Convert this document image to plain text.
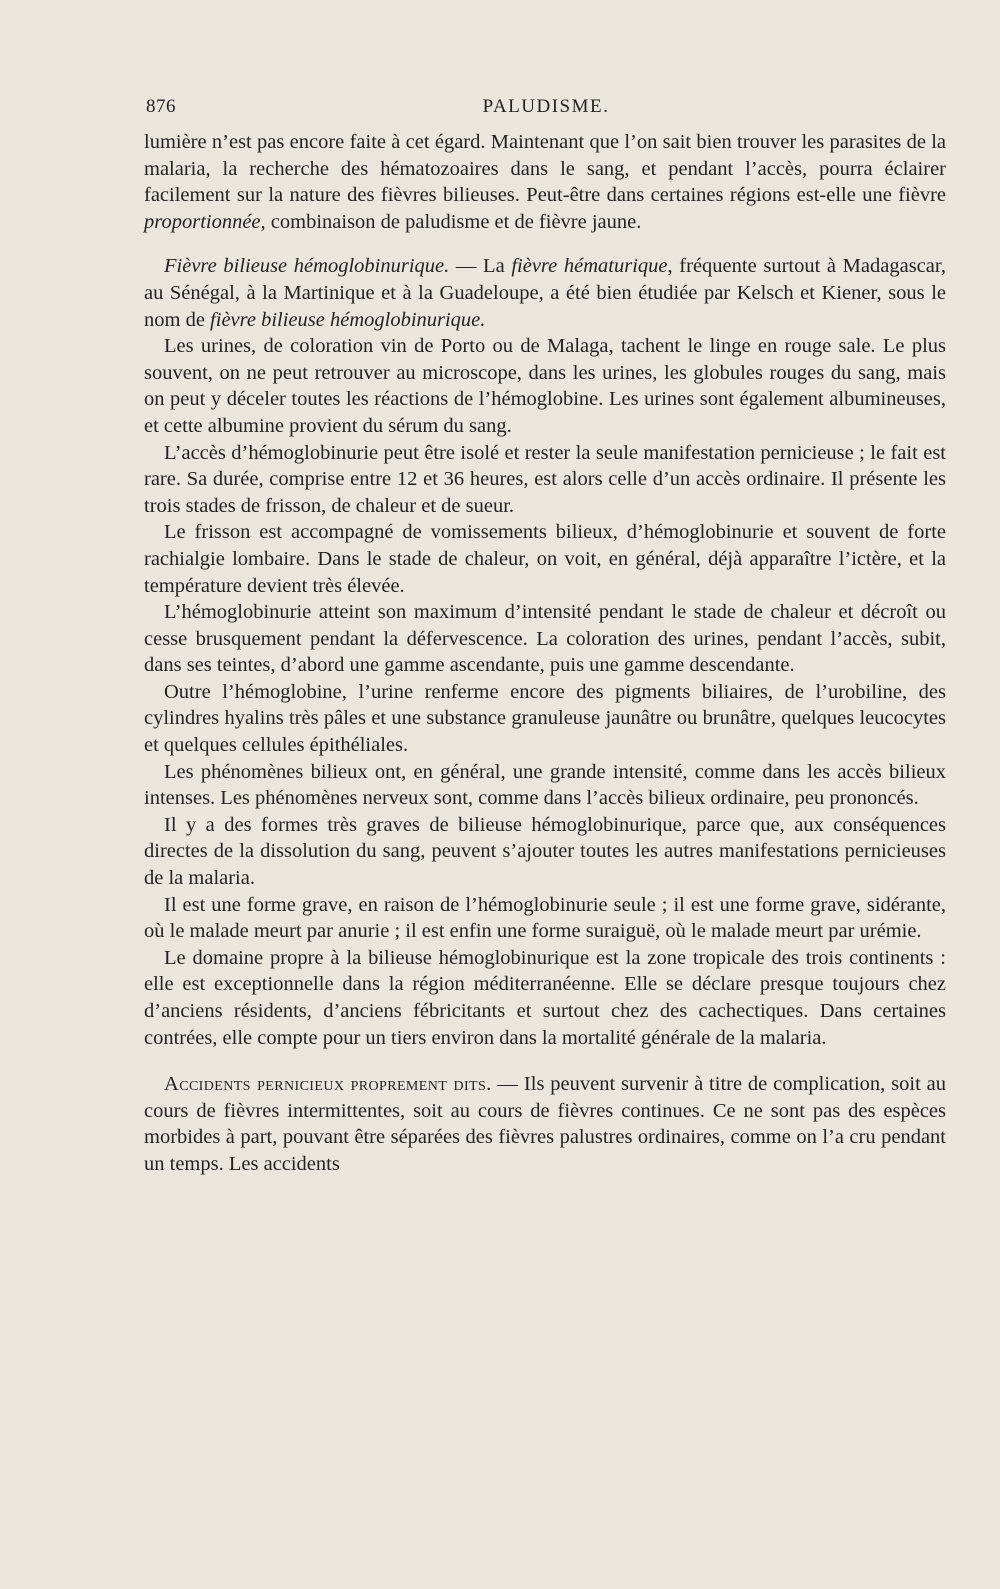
876	PALUDISME.

lumière n’est pas encore faite à cet égard. Maintenant que l’on sait bien trouver les parasites de la malaria, la recherche des hématozoaires dans le sang, et pendant l’accès, pourra éclairer facilement sur la nature des fièvres bilieuses. Peut-être dans certaines régions est-elle une fièvre proportionnée, combinaison de paludisme et de fièvre jaune.

Fièvre bilieuse hémoglobinurique. — La fièvre hématurique, fréquente surtout à Madagascar, au Sénégal, à la Martinique et à la Guadeloupe, a été bien étudiée par Kelsch et Kiener, sous le nom de fièvre bilieuse hémoglobinurique.

Les urines, de coloration vin de Porto ou de Malaga, tachent le linge en rouge sale. Le plus souvent, on ne peut retrouver au microscope, dans les urines, les globules rouges du sang, mais on peut y déceler toutes les réactions de l’hémoglobine. Les urines sont également albumineuses, et cette albumine provient du sérum du sang.

L’accès d’hémoglobinurie peut être isolé et rester la seule manifestation pernicieuse ; le fait est rare. Sa durée, comprise entre 12 et 36 heures, est alors celle d’un accès ordinaire. Il présente les trois stades de frisson, de chaleur et de sueur.

Le frisson est accompagné de vomissements bilieux, d’hémoglobinurie et souvent de forte rachialgie lombaire. Dans le stade de chaleur, on voit, en général, déjà apparaître l’ictère, et la température devient très élevée.

L’hémoglobinurie atteint son maximum d’intensité pendant le stade de chaleur et décroît ou cesse brusquement pendant la défervescence. La coloration des urines, pendant l’accès, subit, dans ses teintes, d’abord une gamme ascendante, puis une gamme descendante.

Outre l’hémoglobine, l’urine renferme encore des pigments biliaires, de l’urobiline, des cylindres hyalins très pâles et une substance granuleuse jaunâtre ou brunâtre, quelques leucocytes et quelques cellules épithéliales.

Les phénomènes bilieux ont, en général, une grande intensité, comme dans les accès bilieux intenses. Les phénomènes nerveux sont, comme dans l’accès bilieux ordinaire, peu prononcés.

Il y a des formes très graves de bilieuse hémoglobinurique, parce que, aux conséquences directes de la dissolution du sang, peuvent s’ajouter toutes les autres manifestations pernicieuses de la malaria.

Il est une forme grave, en raison de l’hémoglobinurie seule ; il est une forme grave, sidérante, où le malade meurt par anurie ; il est enfin une forme suraiguë, où le malade meurt par urémie.

Le domaine propre à la bilieuse hémoglobinurique est la zone tropicale des trois continents : elle est exceptionnelle dans la région méditerranéenne. Elle se déclare presque toujours chez d’anciens résidents, d’anciens fébricitants et surtout chez des cachectiques. Dans certaines contrées, elle compte pour un tiers environ dans la mortalité générale de la malaria.

Accidents pernicieux proprement dits. — Ils peuvent survenir à titre de complication, soit au cours de fièvres intermittentes, soit au cours de fièvres continues. Ce ne sont pas des espèces morbides à part, pouvant être séparées des fièvres palustres ordinaires, comme on l’a cru pendant un temps. Les accidents
